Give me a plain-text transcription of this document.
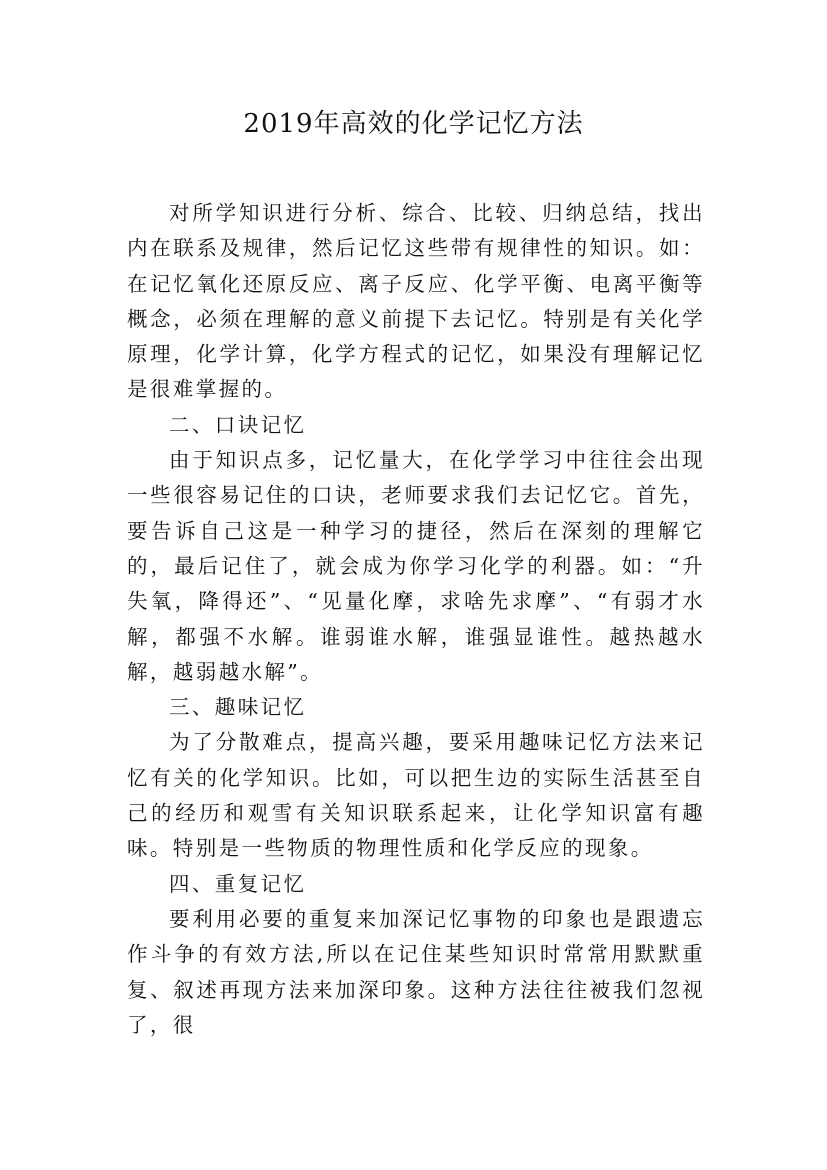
2019年高效的化学记忆方法

对所学知识进行分析、综合、比较、归纳总结，找出内在联系及规律，然后记忆这些带有规律性的知识。如：在记忆氧化还原反应、离子反应、化学平衡、电离平衡等概念，必须在理解的意义前提下去记忆。特别是有关化学原理，化学计算，化学方程式的记忆，如果没有理解记忆是很难掌握的。

二、口诀记忆

由于知识点多，记忆量大，在化学学习中往往会出现一些很容易记住的口诀，老师要求我们去记忆它。首先，要告诉自己这是一种学习的捷径，然后在深刻的理解它的，最后记住了，就会成为你学习化学的利器。如：“升失氧，降得还”、“见量化摩，求啥先求摩”、“有弱才水解，都强不水解。谁弱谁水解，谁强显谁性。越热越水解，越弱越水解”。

三、趣味记忆

为了分散难点，提高兴趣，要采用趣味记忆方法来记忆有关的化学知识。比如，可以把生边的实际生活甚至自己的经历和观雪有关知识联系起来，让化学知识富有趣味。特别是一些物质的物理性质和化学反应的现象。

四、重复记忆

要利用必要的重复来加深记忆事物的印象也是跟遗忘作斗争的有效方法,所以在记住某些知识时常常用默默重复、叙述再现方法来加深印象。这种方法往往被我们忽视了，很
